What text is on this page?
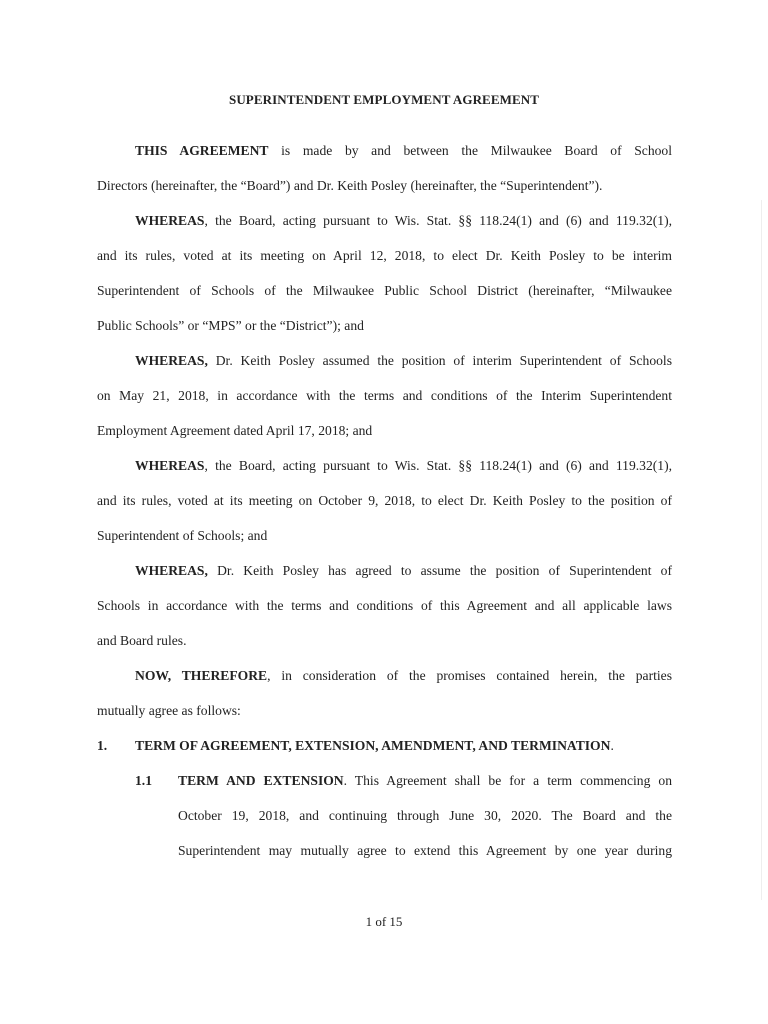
SUPERINTENDENT EMPLOYMENT AGREEMENT
THIS AGREEMENT is made by and between the Milwaukee Board of School
Directors (hereinafter, the “Board”) and Dr. Keith Posley (hereinafter, the “Superintendent”).
WHEREAS, the Board, acting pursuant to Wis. Stat. §§ 118.24(1) and (6) and 119.32(1),
and its rules, voted at its meeting on April 12, 2018, to elect Dr. Keith Posley to be interim
Superintendent of Schools of the Milwaukee Public School District (hereinafter, “Milwaukee
Public Schools” or “MPS” or the “District”); and
WHEREAS, Dr. Keith Posley assumed the position of interim Superintendent of Schools
on May 21, 2018, in accordance with the terms and conditions of the Interim Superintendent
Employment Agreement dated April 17, 2018; and
WHEREAS, the Board, acting pursuant to Wis. Stat. §§ 118.24(1) and (6) and 119.32(1),
and its rules, voted at its meeting on October 9, 2018, to elect Dr. Keith Posley to the position of
Superintendent of Schools; and
WHEREAS, Dr. Keith Posley has agreed to assume the position of Superintendent of
Schools in accordance with the terms and conditions of this Agreement and all applicable laws
and Board rules.
NOW, THEREFORE, in consideration of the promises contained herein, the parties
mutually agree as follows:
1. TERM OF AGREEMENT, EXTENSION, AMENDMENT, AND TERMINATION.
1.1 TERM AND EXTENSION. This Agreement shall be for a term commencing on
October 19, 2018, and continuing through June 30, 2020. The Board and the
Superintendent may mutually agree to extend this Agreement by one year during
1 of 15
